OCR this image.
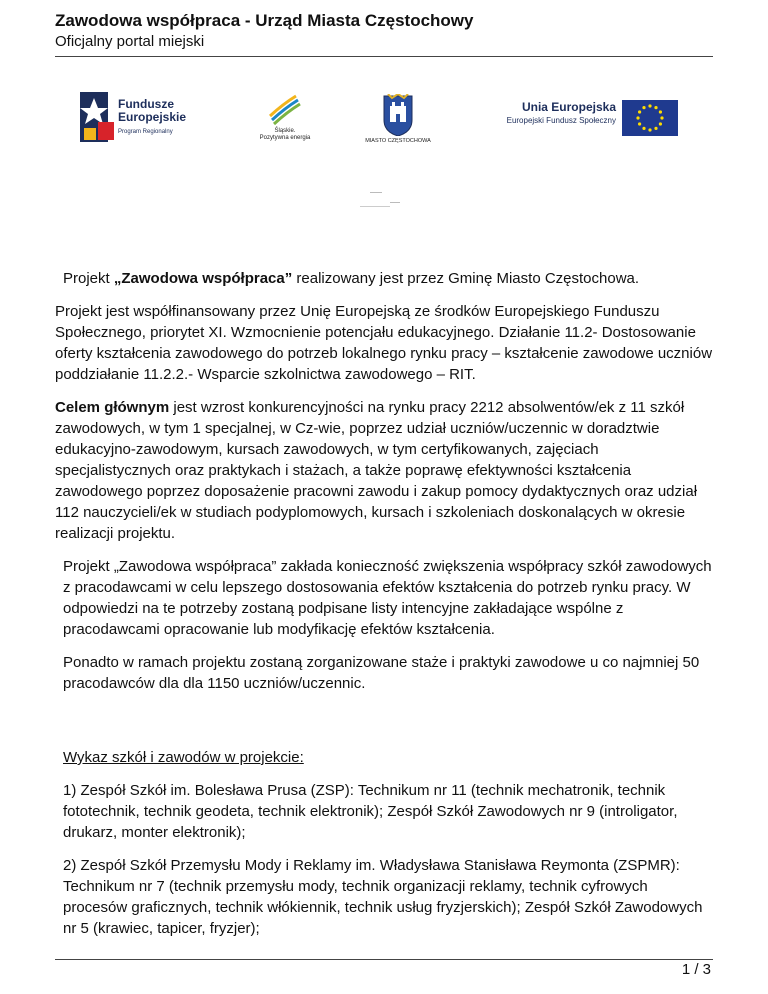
Zawodowa współpraca - Urząd Miasta Częstochowy

Oficjalny portal miejski

Fundusze
Europejskie
Program Regionalny	Śląskie.
Pozytywna energia	MIASTO CZĘSTOCHOWA
Unia Europejska
Europejski Fundusz Społeczny

Projekt „Zawodowa współpraca” realizowany jest przez Gminę Miasto Częstochowa.

Projekt jest współfinansowany przez Unię Europejską ze środków Europejskiego Funduszu Społecznego, priorytet XI. Wzmocnienie potencjału edukacyjnego. Działanie 11.2- Dostosowanie oferty kształcenia zawodowego do potrzeb lokalnego rynku pracy – kształcenie zawodowe uczniów poddziałanie 11.2.2.- Wsparcie szkolnictwa zawodowego – RIT.

Celem głównym jest wzrost konkurencyjności na rynku pracy 2212 absolwentów/ek z 11 szkół zawodowych, w tym 1 specjalnej, w Cz-wie, poprzez udział uczniów/uczennic w doradztwie edukacyjno-zawodowym, kursach zawodowych, w tym certyfikowanych, zajęciach specjalistycznych oraz praktykach i stażach, a także poprawę efektywności kształcenia zawodowego poprzez doposażenie pracowni zawodu i zakup pomocy dydaktycznych oraz udział 112 nauczycieli/ek w studiach podyplomowych, kursach i szkoleniach doskonalących w okresie realizacji projektu.

Projekt „Zawodowa współpraca” zakłada konieczność zwiększenia współpracy szkół zawodowych z pracodawcami w celu lepszego dostosowania efektów kształcenia do potrzeb rynku pracy. W odpowiedzi na te potrzeby zostaną podpisane listy intencyjne zakładające wspólne z pracodawcami opracowanie lub modyfikację efektów kształcenia.

Ponadto w ramach projektu zostaną zorganizowane staże i praktyki zawodowe u co najmniej 50 pracodawców dla dla 1150 uczniów/uczennic.

Wykaz szkół i zawodów w projekcie:

1) Zespół Szkół im. Bolesława Prusa (ZSP): Technikum nr 11 (technik mechatronik, technik fototechnik, technik geodeta, technik elektronik); Zespół Szkół Zawodowych nr 9 (introligator, drukarz, monter elektronik);

2) Zespół Szkół Przemysłu Mody i Reklamy im. Władysława Stanisława Reymonta (ZSPMR): Technikum nr 7 (technik przemysłu mody, technik organizacji reklamy, technik cyfrowych procesów graficznych, technik włókiennik, technik usług fryzjerskich); Zespół Szkół Zawodowych nr 5 (krawiec, tapicer, fryzjer);

1 / 3
